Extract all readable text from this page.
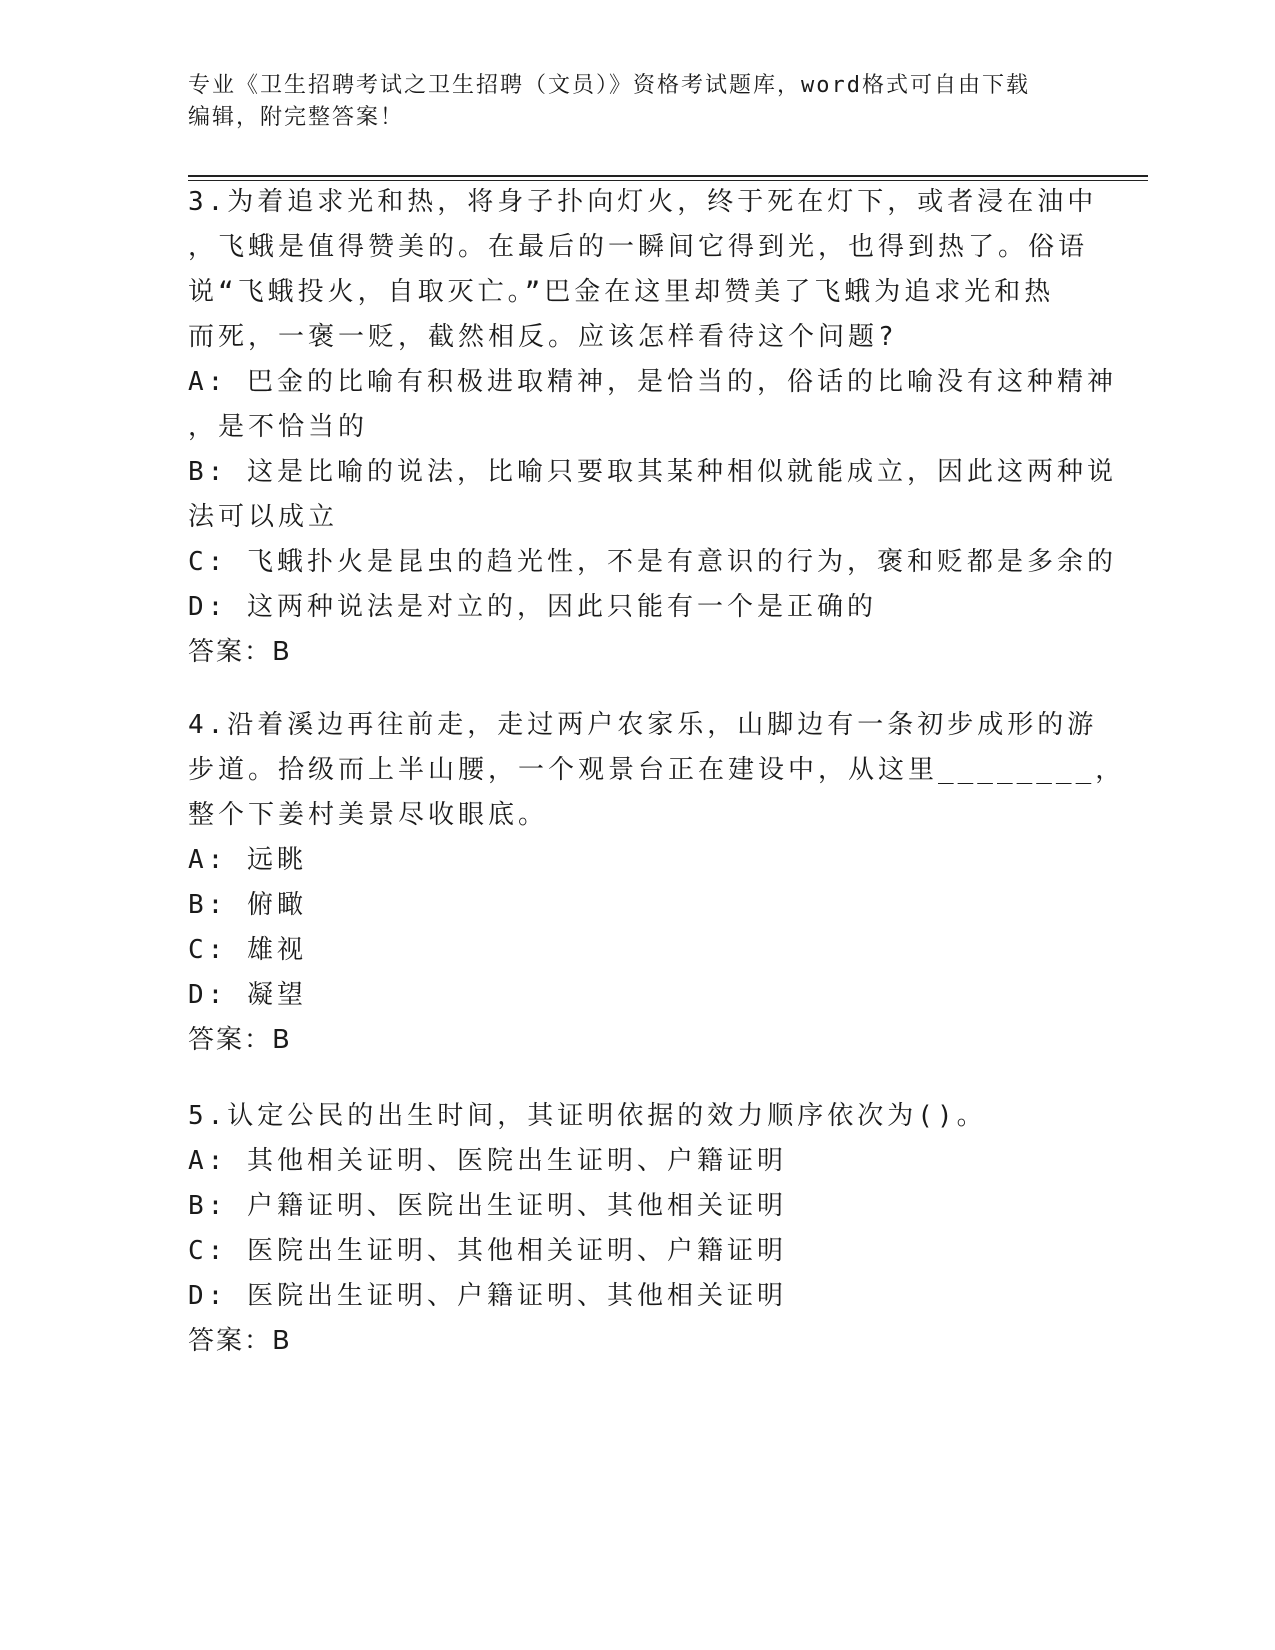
专业《卫生招聘考试之卫生招聘（文员）》资格考试题库，word格式可自由下载
编辑，附完整答案！
3.为着追求光和热，将身子扑向灯火，终于死在灯下，或者浸在油中
，飞蛾是值得赞美的。在最后的一瞬间它得到光，也得到热了。俗语
说“飞蛾投火，自取灭亡。”巴金在这里却赞美了飞蛾为追求光和热
而死，一褒一贬，截然相反。应该怎样看待这个问题?
A: 巴金的比喻有积极进取精神，是恰当的，俗话的比喻没有这种精神
，是不恰当的
B: 这是比喻的说法，比喻只要取其某种相似就能成立，因此这两种说
法可以成立
C: 飞蛾扑火是昆虫的趋光性，不是有意识的行为，褒和贬都是多余的
D: 这两种说法是对立的，因此只能有一个是正确的
答案：B
4.沿着溪边再往前走，走过两户农家乐，山脚边有一条初步成形的游
步道。拾级而上半山腰，一个观景台正在建设中，从这里________，
整个下姜村美景尽收眼底。
A: 远眺
B: 俯瞰
C: 雄视
D: 凝望
答案：B
5.认定公民的出生时间，其证明依据的效力顺序依次为()。
A: 其他相关证明、医院出生证明、户籍证明
B: 户籍证明、医院出生证明、其他相关证明
C: 医院出生证明、其他相关证明、户籍证明
D: 医院出生证明、户籍证明、其他相关证明
答案：B
